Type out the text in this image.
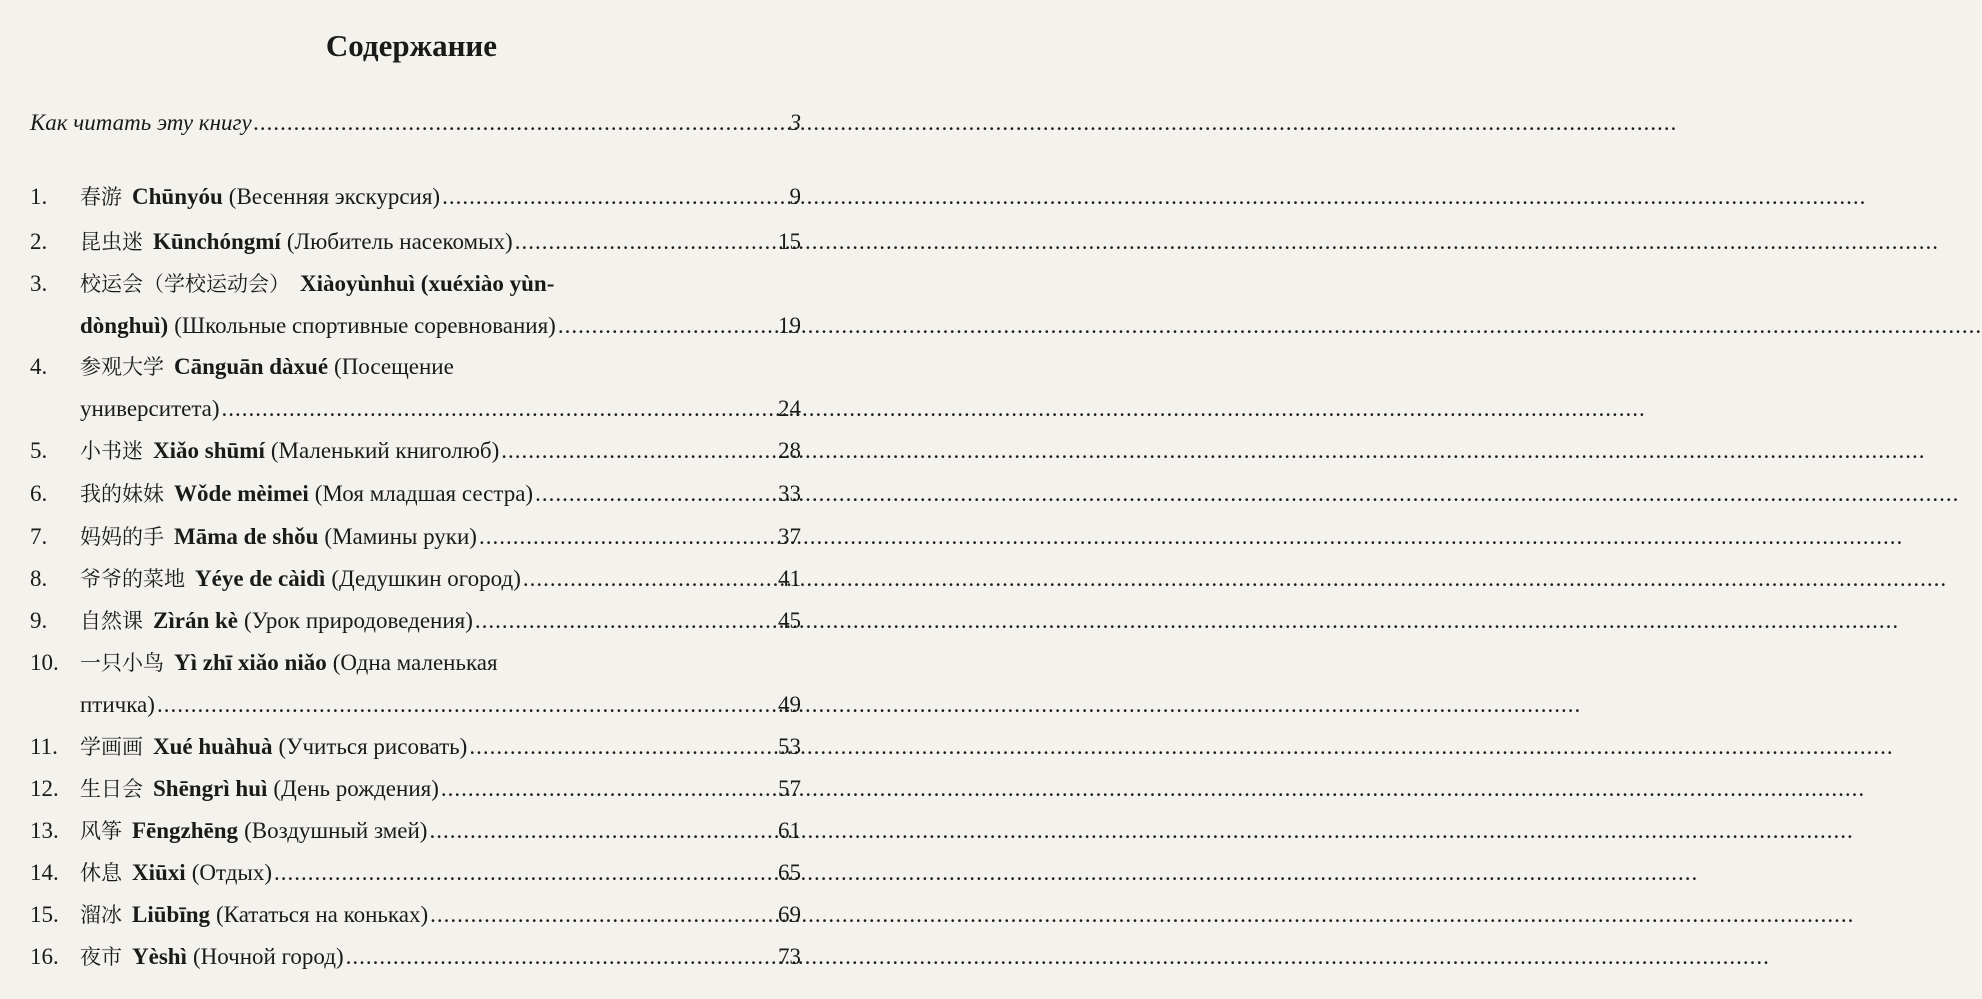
Содержание
Как читать эту книгу .....	3
1. 春游 Chūnyóu (Весенняя экскурсия) .....	9
2. 昆虫迷 Kūnchóngmí (Любитель насекомых) .....	15
3. 校运会（学校运动会） Xiàoyùnhuì (xuéxiào yùn-
dònghuì) (Школьные спортивные соревнования) .....	19
4. 参观大学 Cānguān dàxué (Посещение
университета) .....	24
5. 小书迷 Xiǎo shūmí (Маленький книголюб) .....	28
6. 我的妹妹 Wǒde mèimei (Моя младшая сестра) .....	33
7. 妈妈的手 Māma de shǒu (Мамины руки) .....	37
8. 爷爷的菜地 Yéye de càidì (Дедушкин огород) .....	41
9. 自然课 Zìrán kè (Урок природоведения) .....	45
10. 一只小鸟 Yì zhī xiǎo niǎo (Одна маленькая
птичка) .....	49
11. 学画画 Xué huàhuà (Учиться рисовать) .....	53
12. 生日会 Shēngrì huì (День рождения) .....	57
13. 风筝 Fēngzhēng (Воздушный змей) .....	61
14. 休息 Xiūxi (Отдых) .....	65
15. 溜冰 Liūbīng (Кататься на коньках) .....	69
16. 夜市 Yèshì (Ночной город) .....	73
